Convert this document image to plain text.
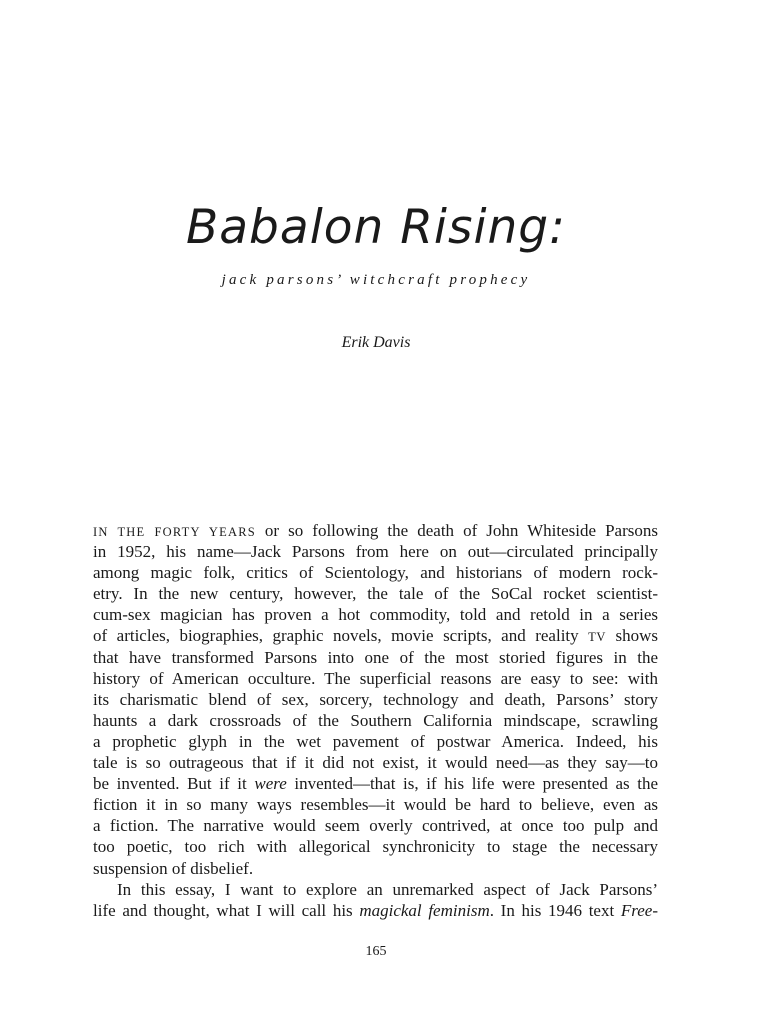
Babalon Rising:

jack parsons’ witchcraft prophecy

Erik Davis

IN THE FORTY YEARS or so following the death of John Whiteside Parsons
in 1952, his name—Jack Parsons from here on out—circulated principally
among magic folk, critics of Scientology, and historians of modern rock-
etry. In the new century, however, the tale of the SoCal rocket scientist-
cum-sex magician has proven a hot commodity, told and retold in a series
of articles, biographies, graphic novels, movie scripts, and reality TV shows
that have transformed Parsons into one of the most storied figures in the
history of American occulture. The superficial reasons are easy to see: with
its charismatic blend of sex, sorcery, technology and death, Parsons’ story
haunts a dark crossroads of the Southern California mindscape, scrawling
a prophetic glyph in the wet pavement of postwar America. Indeed, his
tale is so outrageous that if it did not exist, it would need—as they say—to
be invented. But if it were invented—that is, if his life were presented as the
fiction it in so many ways resembles—it would be hard to believe, even as
a fiction. The narrative would seem overly contrived, at once too pulp and
too poetic, too rich with allegorical synchronicity to stage the necessary
suspension of disbelief.
In this essay, I want to explore an unremarked aspect of Jack Parsons’
life and thought, what I will call his magickal feminism. In his 1946 text Free-
165
